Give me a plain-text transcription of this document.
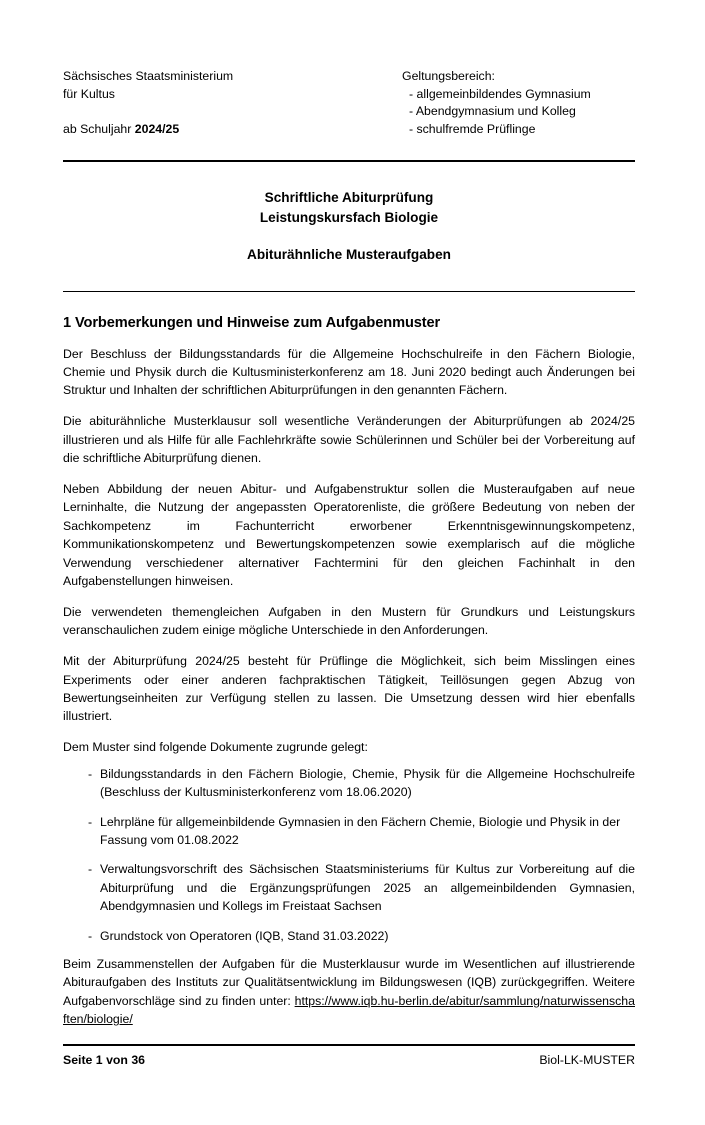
Sächsisches Staatsministerium
für Kultus
ab Schuljahr 2024/25
Geltungsbereich:
- allgemeinbildendes Gymnasium
- Abendgymnasium und Kolleg
- schulfremde Prüflinge
Schriftliche Abiturprüfung
Leistungskursfach Biologie
Abiturähnliche Musteraufgaben
1 Vorbemerkungen und Hinweise zum Aufgabenmuster

Der Beschluss der Bildungsstandards für die Allgemeine Hochschulreife in den Fächern Biologie, Chemie und Physik durch die Kultusministerkonferenz am 18. Juni 2020 bedingt auch Änderungen bei Struktur und Inhalten der schriftlichen Abiturprüfungen in den genannten Fächern.

Die abiturähnliche Musterklausur soll wesentliche Veränderungen der Abiturprüfungen ab 2024/25 illustrieren und als Hilfe für alle Fachlehrkräfte sowie Schülerinnen und Schüler bei der Vorbereitung auf die schriftliche Abiturprüfung dienen.

Neben Abbildung der neuen Abitur- und Aufgabenstruktur sollen die Musteraufgaben auf neue Lerninhalte, die Nutzung der angepassten Operatorenliste, die größere Bedeutung von neben der Sachkompetenz im Fachunterricht erworbener Erkenntnisgewinnungskompetenz, Kommunikationskompetenz und Bewertungskompetenzen sowie exemplarisch auf die mögliche Verwendung verschiedener alternativer Fachtermini für den gleichen Fachinhalt in den Aufgabenstellungen hinweisen.

Die verwendeten themengleichen Aufgaben in den Mustern für Grundkurs und Leistungskurs veranschaulichen zudem einige mögliche Unterschiede in den Anforderungen.

Mit der Abiturprüfung 2024/25 besteht für Prüflinge die Möglichkeit, sich beim Misslingen eines Experiments oder einer anderen fachpraktischen Tätigkeit, Teillösungen gegen Abzug von Bewertungseinheiten zur Verfügung stellen zu lassen. Die Umsetzung dessen wird hier ebenfalls illustriert.

Dem Muster sind folgende Dokumente zugrunde gelegt:

- Bildungsstandards in den Fächern Biologie, Chemie, Physik für die Allgemeine Hochschulreife (Beschluss der Kultusministerkonferenz vom 18.06.2020)
- Lehrpläne für allgemeinbildende Gymnasien in den Fächern Chemie, Biologie und Physik in der Fassung vom 01.08.2022
- Verwaltungsvorschrift des Sächsischen Staatsministeriums für Kultus zur Vorbereitung auf die Abiturprüfung und die Ergänzungsprüfungen 2025 an allgemeinbildenden Gymnasien, Abendgymnasien und Kollegs im Freistaat Sachsen
- Grundstock von Operatoren (IQB, Stand 31.03.2022)

Beim Zusammenstellen der Aufgaben für die Musterklausur wurde im Wesentlichen auf illustrierende Abituraufgaben des Instituts zur Qualitätsentwicklung im Bildungswesen (IQB) zurückgegriffen. Weitere Aufgabenvorschläge sind zu finden unter: https://www.iqb.hu-berlin.de/abitur/sammlung/naturwissenschaften/biologie/

Seite 1 von 36	Biol-LK-MUSTER
